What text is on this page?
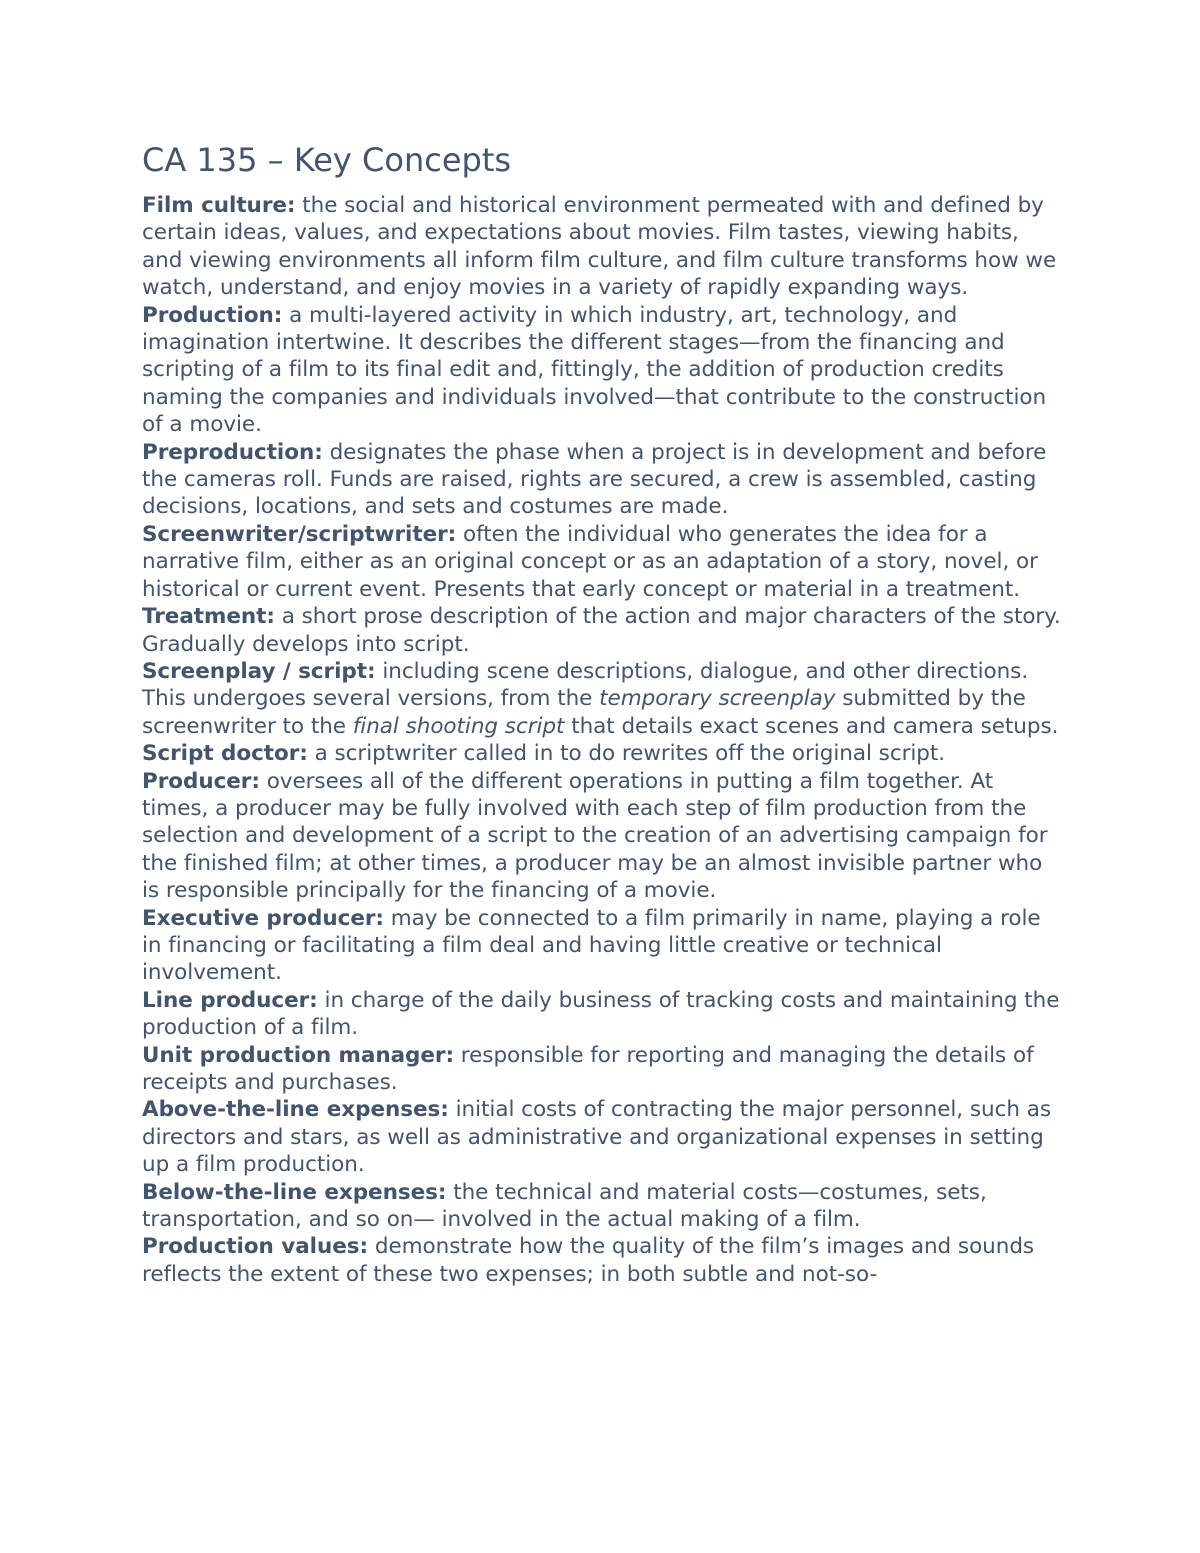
CA 135 – Key Concepts

Film culture: the social and historical environment permeated with and defined by certain ideas, values, and expectations about movies. Film tastes, viewing habits, and viewing environments all inform film culture, and film culture transforms how we watch, understand, and enjoy movies in a variety of rapidly expanding ways.

Production: a multi-layered activity in which industry, art, technology, and imagination intertwine. It describes the different stages—from the financing and scripting of a film to its final edit and, fittingly, the addition of production credits naming the companies and individuals involved—that contribute to the construction of a movie.

Preproduction: designates the phase when a project is in development and before the cameras roll. Funds are raised, rights are secured, a crew is assembled, casting decisions, locations, and sets and costumes are made.

Screenwriter/scriptwriter: often the individual who generates the idea for a narrative film, either as an original concept or as an adaptation of a story, novel, or historical or current event. Presents that early concept or material in a treatment.

Treatment: a short prose description of the action and major characters of the story. Gradually develops into script.

Screenplay / script: including scene descriptions, dialogue, and other directions. This undergoes several versions, from the temporary screenplay submitted by the screenwriter to the final shooting script that details exact scenes and camera setups.

Script doctor: a scriptwriter called in to do rewrites off the original script.

Producer: oversees all of the different operations in putting a film together. At times, a producer may be fully involved with each step of film production from the selection and development of a script to the creation of an advertising campaign for the finished film; at other times, a producer may be an almost invisible partner who is responsible principally for the financing of a movie.

Executive producer: may be connected to a film primarily in name, playing a role in financing or facilitating a film deal and having little creative or technical involvement.

Line producer: in charge of the daily business of tracking costs and maintaining the production of a film.

Unit production manager: responsible for reporting and managing the details of receipts and purchases.

Above-the-line expenses: initial costs of contracting the major personnel, such as directors and stars, as well as administrative and organizational expenses in setting up a film production.

Below-the-line expenses: the technical and material costs—costumes, sets, transportation, and so on— involved in the actual making of a film.

Production values: demonstrate how the quality of the film’s images and sounds reflects the extent of these two expenses; in both subtle and not-so-
